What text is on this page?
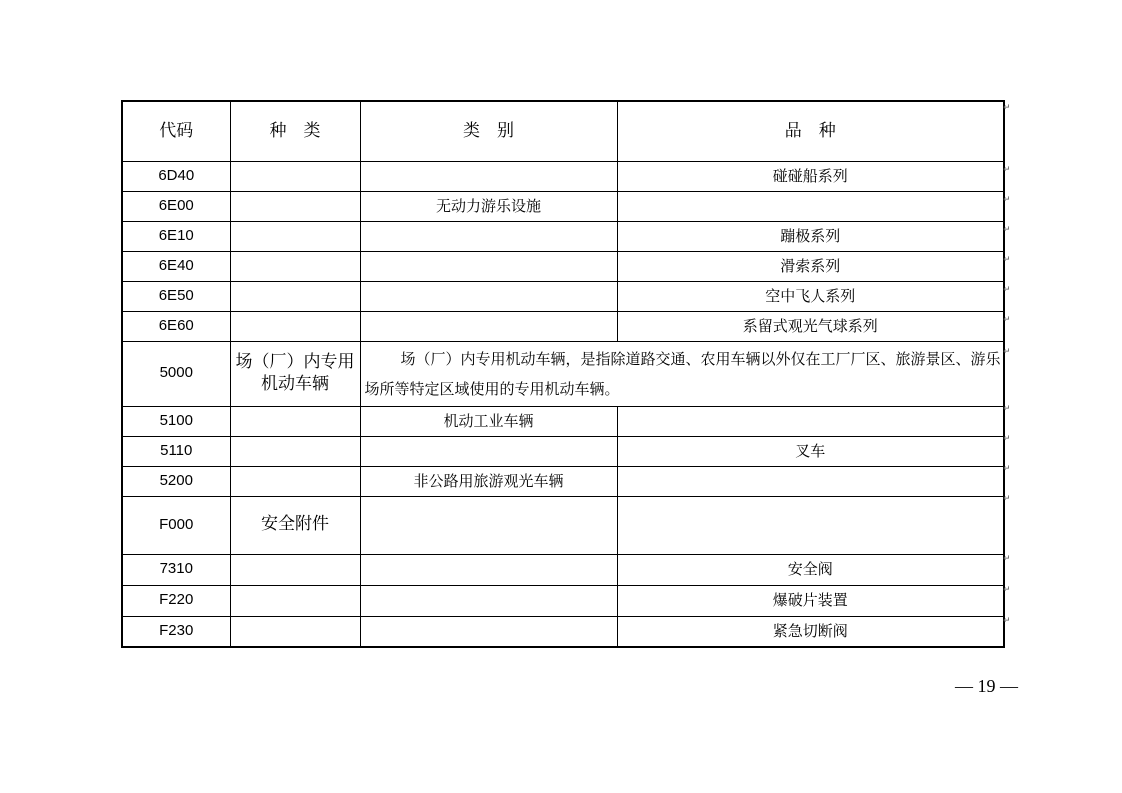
代码	种　类	类　别	品　种
6D40			碰碰船系列
6E00		无动力游乐设施	
6E10			蹦极系列
6E40			滑索系列
6E50			空中飞人系列
6E60			系留式观光气球系列
5000	场（厂）内专用机动车辆	场（厂）内专用机动车辆，是指除道路交通、农用车辆以外仅在工厂厂区、旅游景区、游乐场所等特定区域使用的专用机动车辆。	
5100		机动工业车辆	
5110			叉车
5200		非公路用旅游观光车辆	
F000	安全附件		
7310			安全阀
F220			爆破片装置
F230			紧急切断阀
↵
↵
↵
↵
↵
↵
↵
↵
↵
↵
↵
↵
↵
↵
↵
— 19 —
